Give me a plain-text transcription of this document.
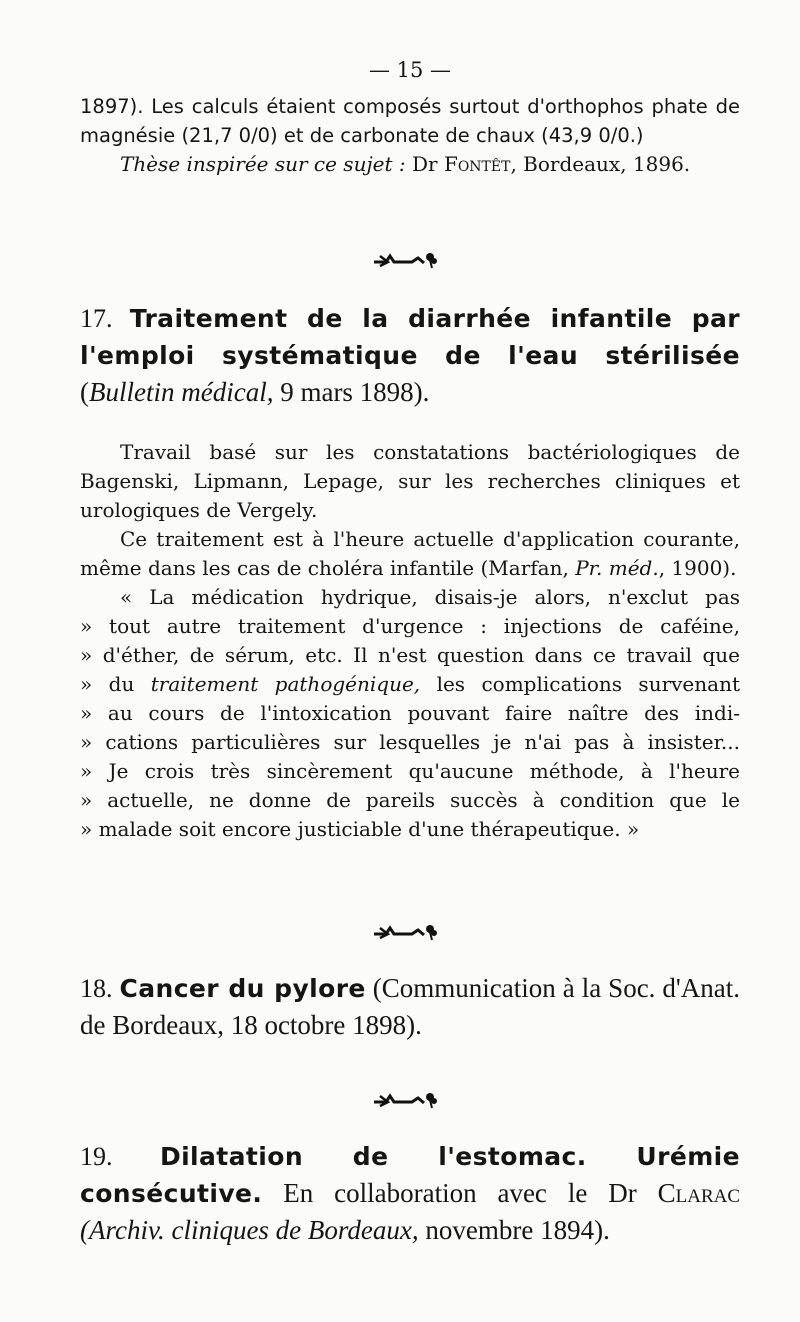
— 15 —

1897). Les calculs étaient composés surtout d'orthophos phate de magnésie (21,7 0/0) et de carbonate de chaux (43,9 0/0.)

Thèse inspirée sur ce sujet : Dr Fontêt, Bordeaux, 1896.

17. Traitement de la diarrhée infantile par l'emploi systématique de l'eau stérilisée (Bulletin médical, 9 mars 1898).

Travail basé sur les constatations bactériologiques de Bagenski, Lipmann, Lepage, sur les recherches cliniques et urologiques de Vergely.

Ce traitement est à l'heure actuelle d'application courante, même dans les cas de choléra infantile (Marfan, Pr. méd., 1900).

« La médication hydrique, disais-je alors, n'exclut pas
» tout autre traitement d'urgence : injections de caféine,
» d'éther, de sérum, etc. Il n'est question dans ce travail que
» du traitement pathogénique, les complications survenant
» au cours de l'intoxication pouvant faire naître des indi-
» cations particulières sur lesquelles je n'ai pas à insister...
» Je crois très sincèrement qu'aucune méthode, à l'heure
» actuelle, ne donne de pareils succès à condition que le
» malade soit encore justiciable d'une thérapeutique. »

18. Cancer du pylore (Communication à la Soc. d'Anat. de Bordeaux, 18 octobre 1898).

19. Dilatation de l'estomac. Urémie consécutive. En collaboration avec le Dr Clarac (Archiv. cliniques de Bordeaux, novembre 1894).
